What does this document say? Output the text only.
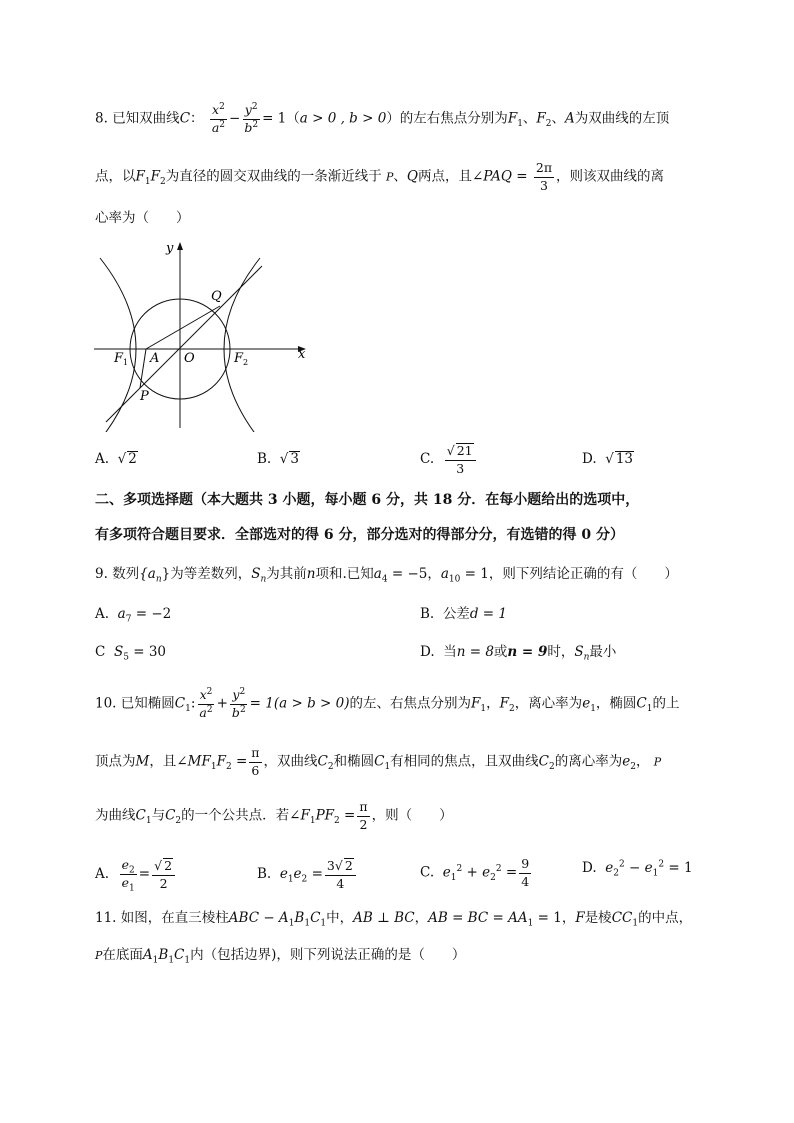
8. 已知双曲线C： $\frac{x^2}{a^2} - \frac{y^2}{b^2} = 1(a > 0$ , b > 0）的左右焦点分别为$F_1$、$F_2$、A为双曲线的左顶
点，以$F_1F_2$为直径的圆交双曲线的一条渐近线于 P、Q两点，且∠PAQ = $\frac{2\pi}{3}$ ，则该双曲线的离
心率为（　　）
y
x
F 1 A O	F 2
Q
P
A.  √ 2	B.  √ 3	C. $\frac{√ 21}{3}$	D.  √ 13
二、多项选择题（本大题共 3 小题，每小题 6 分，共 18 分．在每小题给出的选项中，
有多项符合题目要求．全部选对的得 6 分，部分选对的得部分分，有选错的得 0 分）
9. 数列$\{a_n\}$为等差数列，$S_n$为其前n项和.已知$a_4 = -5$，$a_{10} = 1$，则下列结论正确的有（　　）
A. $a_7 = -2$	B. 公差d = 1
C $S_5 = 30$	D. 当n = 8或n = 9时，$S_n$最小
10. 已知椭圆$C_1$: $\frac{x^2}{a^2} + \frac{y^2}{b^2} = 1(a > b > 0)$的左、右焦点分别为$F_1$，$F_2$，离心率为$e_1$，椭圆$C_1$的上
顶点为M，且$\angle MF_1F_2 = \frac{\pi}{6}$ ，双曲线$C_2$和椭圆$C_1$有相同的焦点，且双曲线$C_2$的离心率为$e_2$， P
为曲线$C_1$与$C_2$的一个公共点．若$\angle F_1PF_2 = \frac{\pi}{2}$ ，则（　　）
A. $\frac{e_2}{e_1} = \frac{√ 2}{2}$	B. $e_1e_2 = \frac{3√ 2}{4}$	C. $e_1^2 + e_2^2 = \frac{9}{4}$	D. $e_2^2 - e_1^2 = 1$
11. 如图，在直三棱柱ABC − $A_1B_1C_1$中，AB ⊥ BC，AB = BC = $AA_1 = 1$，F是棱$CC_1$的中点，
P在底面$A_1B_1C_1$内（包括边界)，则下列说法正确的是（　　）
